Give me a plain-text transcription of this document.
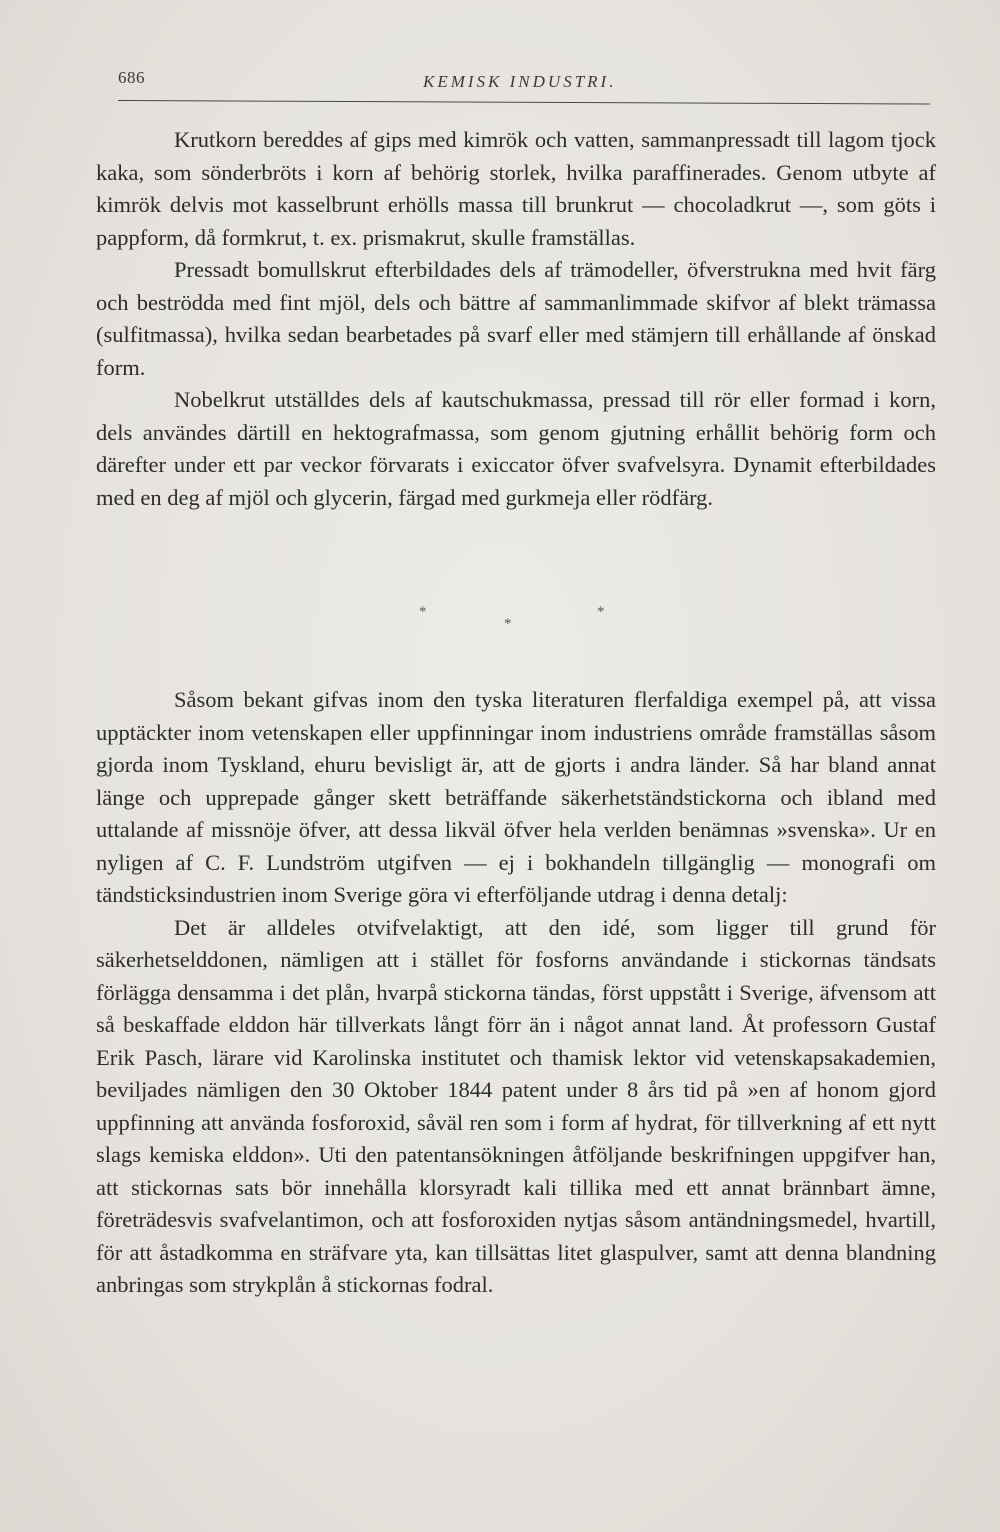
686	KEMISK INDUSTRI.

Krutkorn bereddes af gips med kimrök och vatten, sammanpressadt till lagom tjock kaka, som sönderbröts i korn af behörig storlek, hvilka paraffinerades. Genom utbyte af kimrök delvis mot kasselbrunt erhölls massa till brunkrut — chocoladkrut —, som göts i pappform, då formkrut, t. ex. prismakrut, skulle framställas.

Pressadt bomullskrut efterbildades dels af trämodeller, öfverstrukna med hvit färg och beströdda med fint mjöl, dels och bättre af sammanlimmade skifvor af blekt trämassa (sulfitmassa), hvilka sedan bearbetades på svarf eller med stämjern till erhållande af önskad form.

Nobelkrut utställdes dels af kautschukmassa, pressad till rör eller formad i korn, dels användes därtill en hektografmassa, som genom gjutning erhållit behörig form och därefter under ett par veckor förvarats i exiccator öfver svafvelsyra. Dynamit efterbildades med en deg af mjöl och glycerin, färgad med gurkmeja eller rödfärg.

*
*
*

Såsom bekant gifvas inom den tyska literaturen flerfaldiga exempel på, att vissa upptäckter inom vetenskapen eller uppfinningar inom industriens område framställas såsom gjorda inom Tyskland, ehuru bevisligt är, att de gjorts i andra länder. Så har bland annat länge och upprepade gånger skett beträffande säkerhetständstickorna och ibland med uttalande af missnöje öfver, att dessa likväl öfver hela verlden benämnas »svenska». Ur en nyligen af C. F. Lundström utgifven — ej i bokhandeln tillgänglig — monografi om tändsticksindustrien inom Sverige göra vi efterföljande utdrag i denna detalj:

Det är alldeles otvifvelaktigt, att den idé, som ligger till grund för säkerhetselddonen, nämligen att i stället för fosforns användande i stickornas tändsats förlägga densamma i det plån, hvarpå stickorna tändas, först uppstått i Sverige, äfvensom att så beskaffade elddon här tillverkats långt förr än i något annat land. Åt professorn Gustaf Erik Pasch, lärare vid Karolinska institutet och thamisk lektor vid vetenskapsakademien, beviljades nämligen den 30 Oktober 1844 patent under 8 års tid på »en af honom gjord uppfinning att använda fosforoxid, såväl ren som i form af hydrat, för tillverkning af ett nytt slags kemiska elddon». Uti den patentansökningen åtföljande beskrifningen uppgifver han, att stickornas sats bör innehålla klorsyradt kali tillika med ett annat brännbart ämne, företrädesvis svafvelantimon, och att fosforoxiden nytjas såsom antändningsmedel, hvartill, för att åstadkomma en sträfvare yta, kan tillsättas litet glaspulver, samt att denna blandning anbringas som strykplån å stickornas fodral.
